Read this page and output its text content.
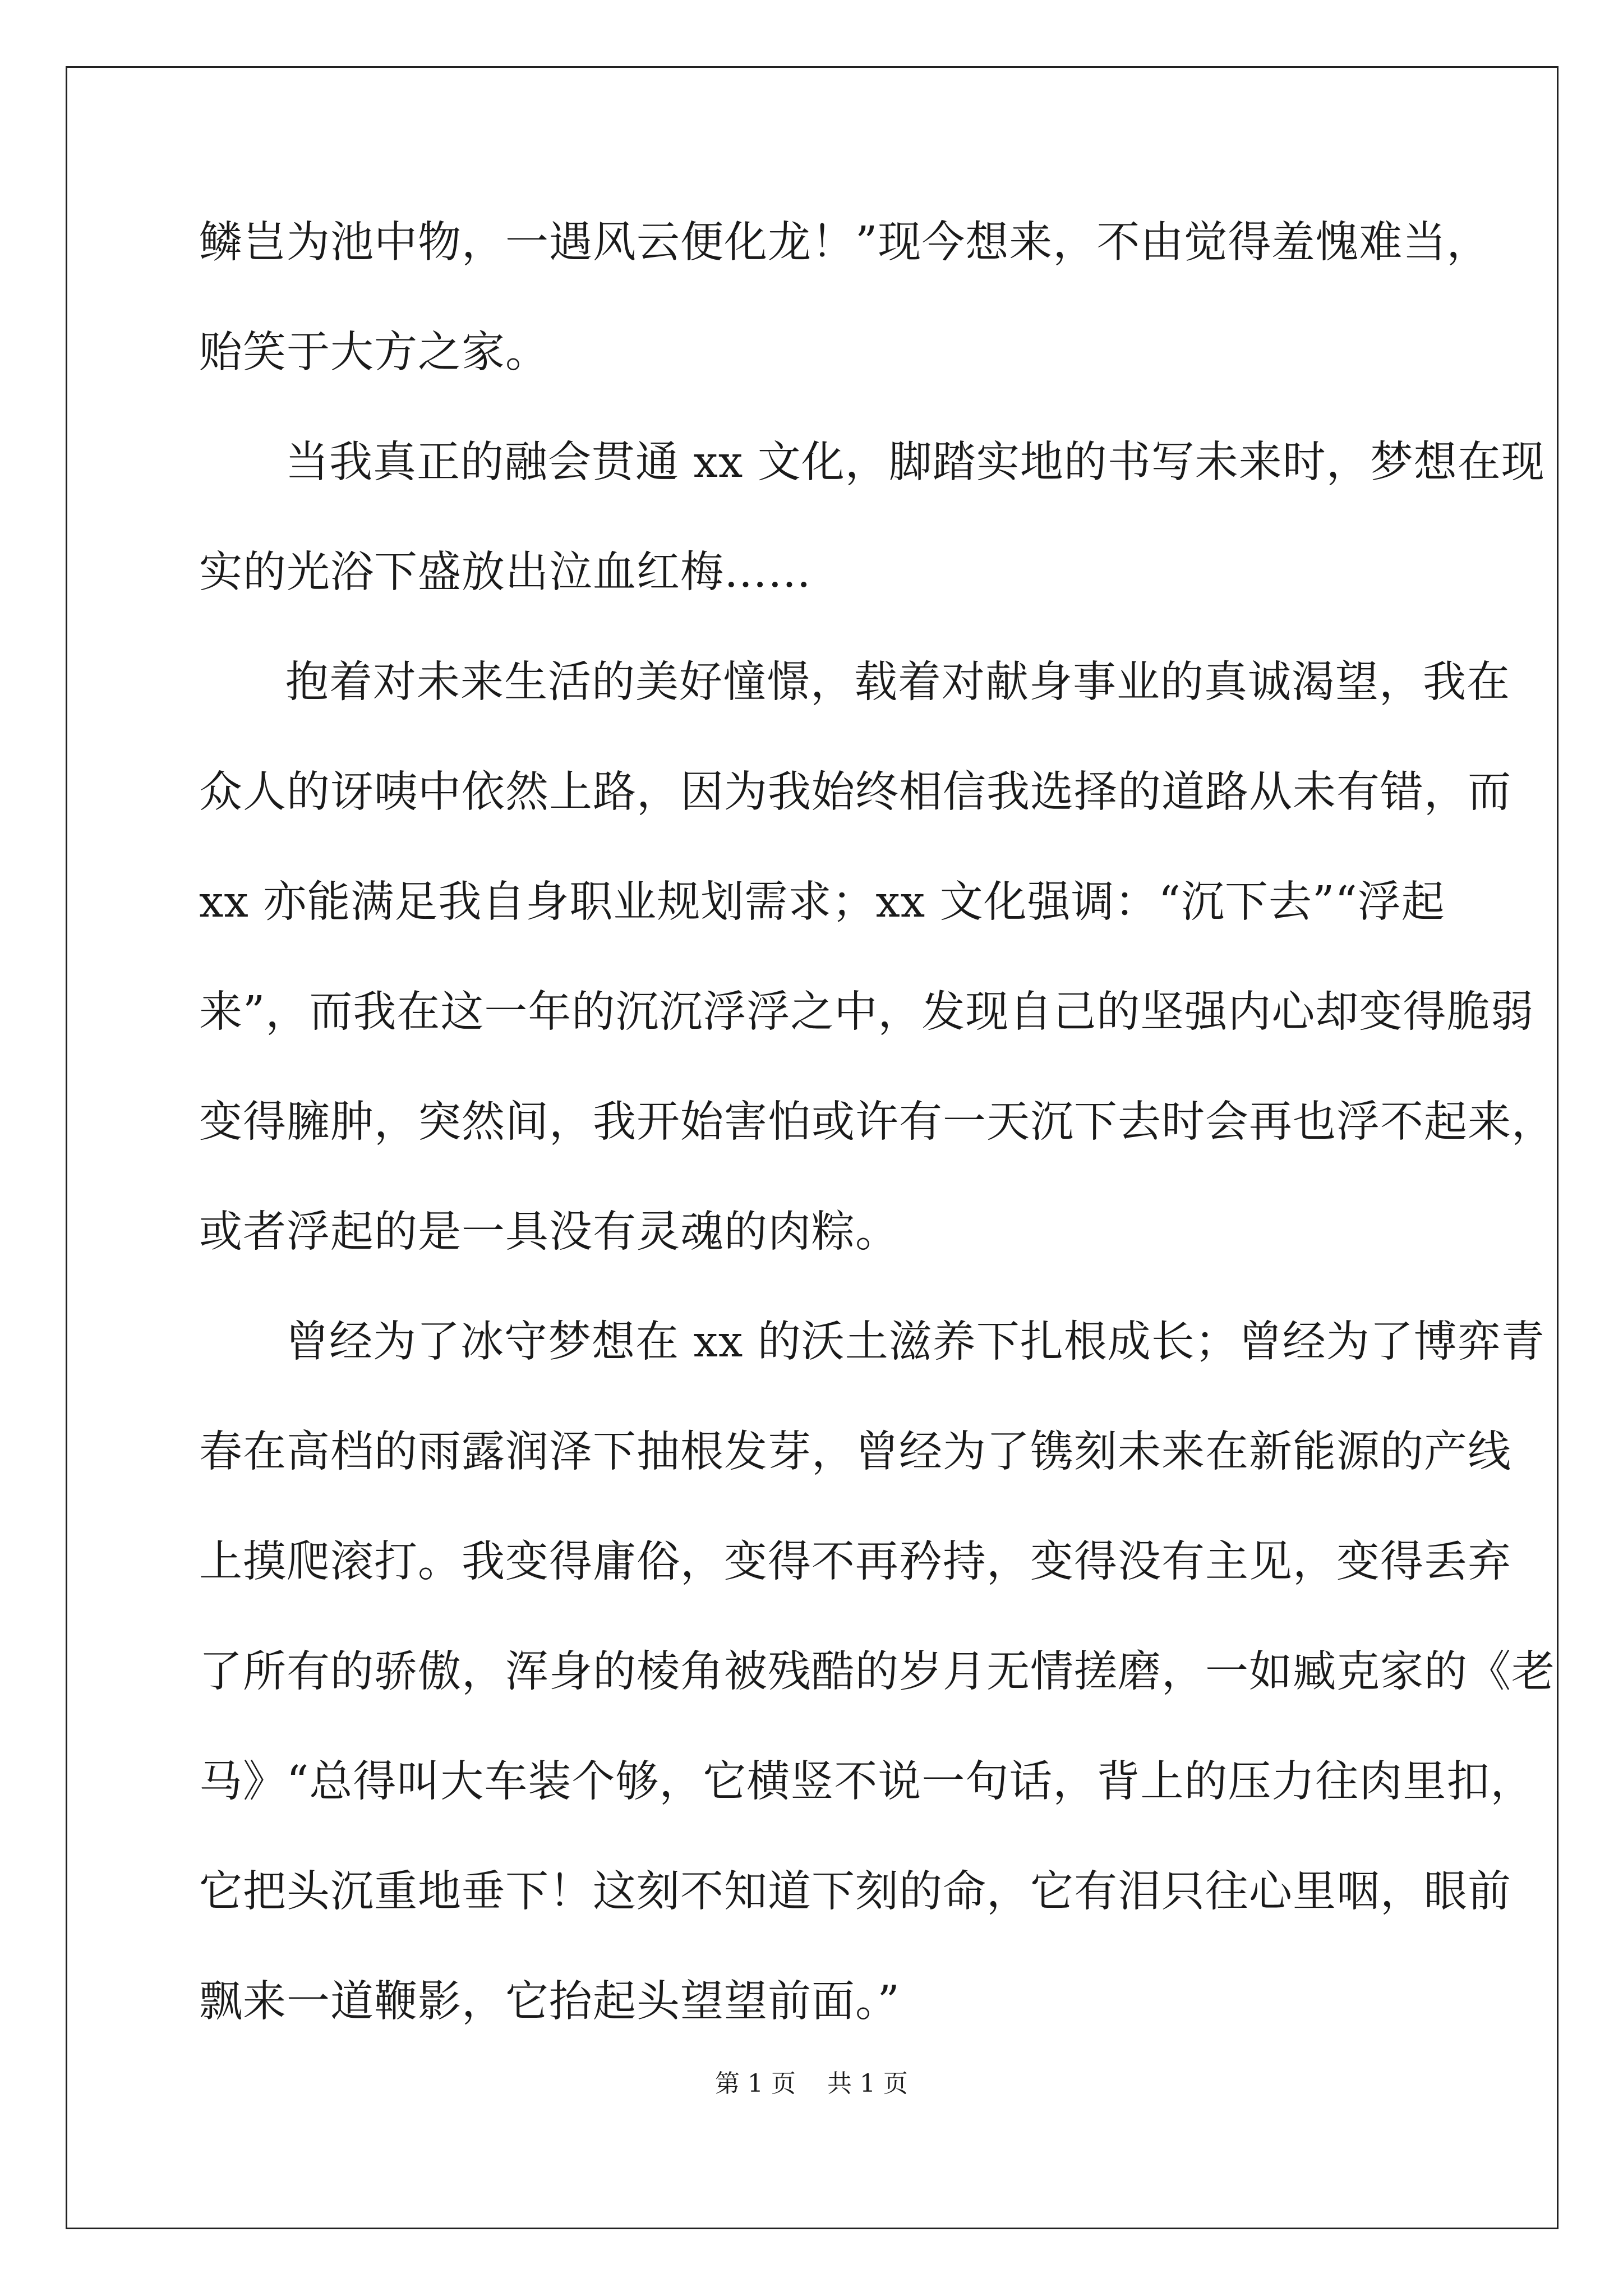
鳞岂为池中物，一遇风云便化龙！”现今想来，不由觉得羞愧难当，
贻笑于大方之家。
当我真正的融会贯通 xx 文化，脚踏实地的书写未来时，梦想在现
实的光浴下盛放出泣血红梅……
抱着对未来生活的美好憧憬，载着对献身事业的真诚渴望，我在
众人的讶咦中依然上路，因为我始终相信我选择的道路从未有错，而
xx 亦能满足我自身职业规划需求；xx 文化强调：“沉下去”“浮起
来”，而我在这一年的沉沉浮浮之中，发现自己的坚强内心却变得脆弱
变得臃肿，突然间，我开始害怕或许有一天沉下去时会再也浮不起来，
或者浮起的是一具没有灵魂的肉粽。
曾经为了冰守梦想在 xx 的沃土滋养下扎根成长；曾经为了博弈青
春在高档的雨露润泽下抽根发芽，曾经为了镌刻未来在新能源的产线
上摸爬滚打。我变得庸俗，变得不再矜持，变得没有主见，变得丢弃
了所有的骄傲，浑身的棱角被残酷的岁月无情搓磨，一如臧克家的《老
马》“总得叫大车装个够，它横竖不说一句话，背上的压力往肉里扣，
它把头沉重地垂下！这刻不知道下刻的命，它有泪只往心里咽，眼前
飘来一道鞭影，它抬起头望望前面。”
第 1 页    共 1 页
